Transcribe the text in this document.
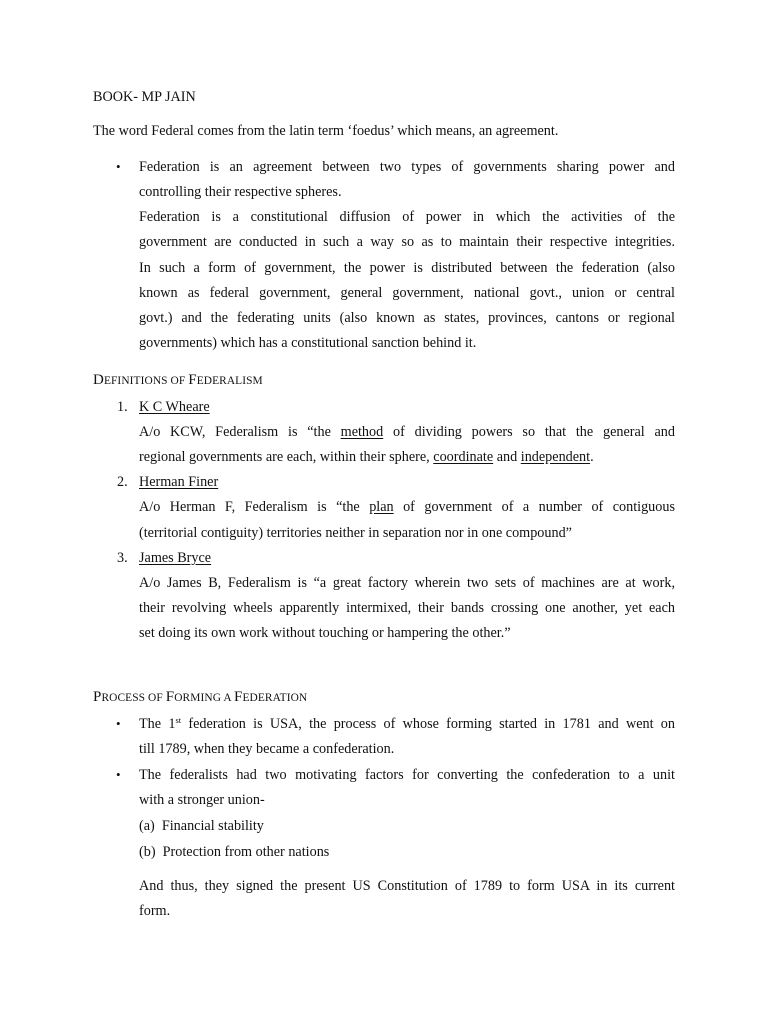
BOOK- MP JAIN
The word Federal comes from the latin term ‘foedus’ which means, an agreement.
• Federation is an agreement between two types of governments sharing power and
controlling their respective spheres.
Federation is a constitutional diffusion of power in which the activities of the
government are conducted in such a way so as to maintain their respective integrities.
In such a form of government, the power is distributed between the federation (also
known as federal government, general government, national govt., union or central
govt.) and the federating units (also known as states, provinces, cantons or regional
governments) which has a constitutional sanction behind it.
DEFINITIONS OF FEDERALISM
1. K C Wheare
A/o KCW, Federalism is “the method of dividing powers so that the general and
regional governments are each, within their sphere, coordinate and independent.
2. Herman Finer
A/o Herman F, Federalism is “the plan of government of a number of contiguous
(territorial contiguity) territories neither in separation nor in one compound”
3. James Bryce
A/o James B, Federalism is “a great factory wherein two sets of machines are at work,
their revolving wheels apparently intermixed, their bands crossing one another, yet each
set doing its own work without touching or hampering the other.”
PROCESS OF FORMING A FEDERATION
• The 1st federation is USA, the process of whose forming started in 1781 and went on
till 1789, when they became a confederation.
• The federalists had two motivating factors for converting the confederation to a unit
with a stronger union-
(a)  Financial stability
(b)  Protection from other nations
And thus, they signed the present US Constitution of 1789 to form USA in its current
form.
